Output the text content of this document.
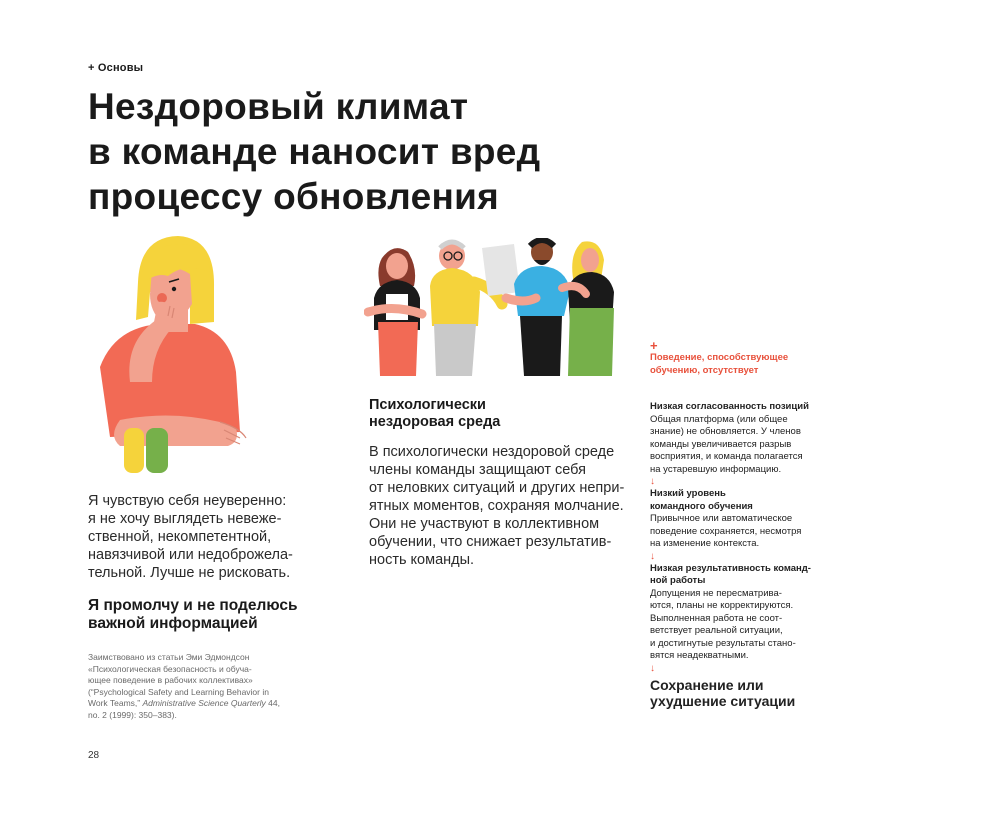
+ Основы
Нездоровый климат
в команде наносит вред
процессу обновления
Я чувствую себя неуверенно:
я не хочу выглядеть невеже-
ственной, некомпетентной,
навязчивой или недоброжела-
тельной. Лучше не рисковать.
Я промолчу и не поделюсь
важной информацией
Заимствовано из статьи Эми Эдмондсон
«Психологическая безопасность и обуча-
ющее поведение в рабочих коллективах»
(“Psychological Safety and Learning Behavior in
Work Teams,” Administrative Science Quarterly 44,
no. 2 (1999): 350–383).
28
Психологически
нездоровая среда
В психологически нездоровой среде
члены команды защищают себя
от неловких ситуаций и других непри-
ятных моментов, сохраняя молчание.
Они не участвуют в коллективном
обучении, что снижает результатив-
ность команды.
+
Поведение, способствующее
обучению, отсутствует
Низкая согласованность позиций
Общая платформа (или общее
знание) не обновляется. У членов
команды увеличивается разрыв
восприятия, и команда полагается
на устаревшую информацию.
↓
Низкий уровень
командного обучения
Привычное или автоматическое
поведение сохраняется, несмотря
на изменение контекста.
↓
Низкая результативность команд-
ной работы
Допущения не пересматрива-
ются, планы не корректируются.
Выполненная работа не соот-
ветствует реальной ситуации,
и достигнутые результаты стано-
вятся неадекватными.
↓
Сохранение или
ухудшение ситуации
